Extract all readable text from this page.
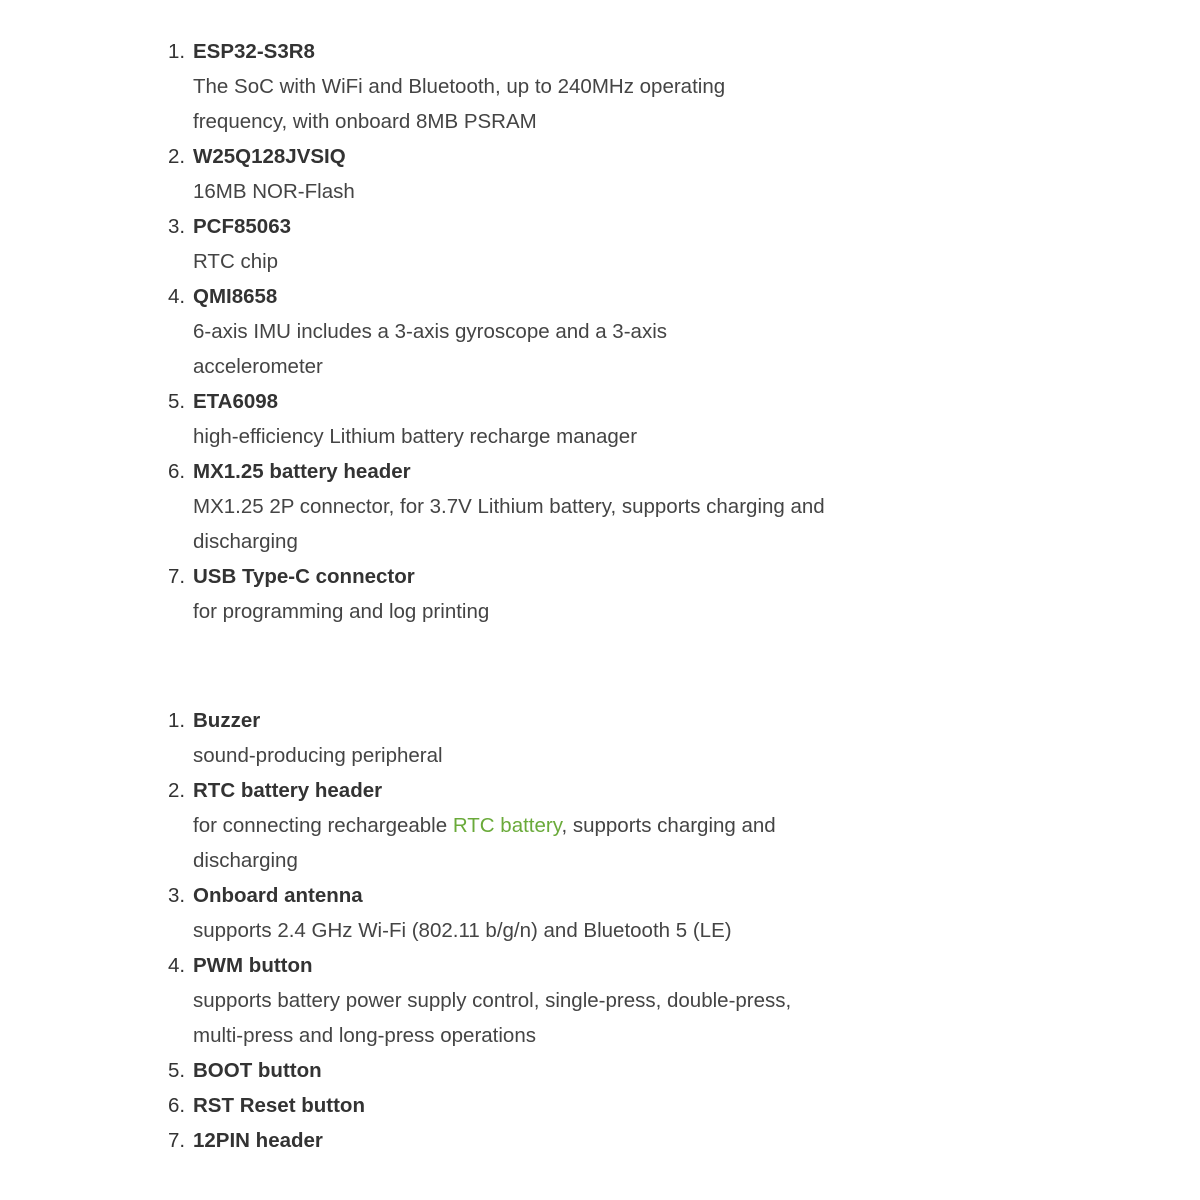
1. ESP32-S3R8
The SoC with WiFi and Bluetooth, up to 240MHz operating frequency, with onboard 8MB PSRAM
2. W25Q128JVSIQ
16MB NOR-Flash
3. PCF85063
RTC chip
4. QMI8658
6-axis IMU includes a 3-axis gyroscope and a 3-axis accelerometer
5. ETA6098
high-efficiency Lithium battery recharge manager
6. MX1.25 battery header
MX1.25 2P connector, for 3.7V Lithium battery, supports charging and discharging
7. USB Type-C connector
for programming and log printing
1. Buzzer
sound-producing peripheral
2. RTC battery header
for connecting rechargeable RTC battery, supports charging and discharging
3. Onboard antenna
supports 2.4 GHz Wi-Fi (802.11 b/g/n) and Bluetooth 5 (LE)
4. PWM button
supports battery power supply control, single-press, double-press, multi-press and long-press operations
5. BOOT button
6. RST Reset button
7. 12PIN header
